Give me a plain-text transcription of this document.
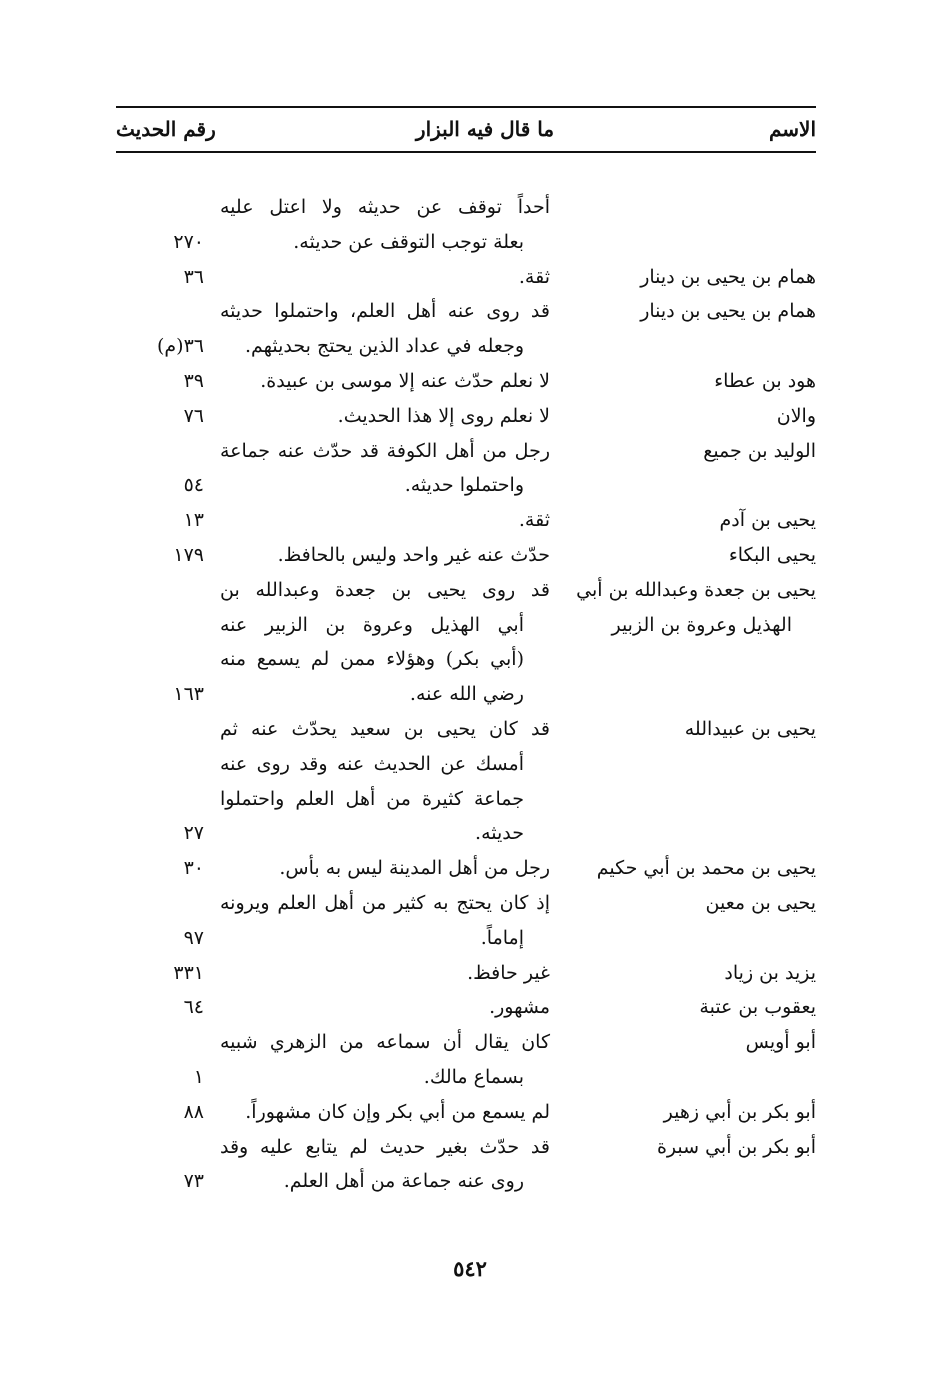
الاسم
ما قال فيه البزار
رقم الحديث
أحداً توقف عن حديثه ولا اعتل عليه
بعلة توجب التوقف عن حديثه.
٢٧٠
همام بن يحيى بن دينار
ثقة.
٣٦
همام بن يحيى بن دينار
قد روى عنه أهل العلم، واحتملوا حديثه
وجعله في عداد الذين يحتج بحديثهم.
٣٦(م)
هود بن عطاء
لا نعلم حدّث عنه إلا موسى بن عبيدة.
٣٩
والان
لا نعلم روى إلا هذا الحديث.
٧٦
الوليد بن جميع
رجل من أهل الكوفة قد حدّث عنه جماعة
واحتملوا حديثه.
٥٤
يحيى بن آدم
ثقة.
١٣
يحيى البكاء
حدّث عنه غير واحد وليس بالحافظ.
١٧٩
يحيى بن جعدة وعبدالله بن أبي
قد روى يحيى بن جعدة وعبدالله بن
الهذيل وعروة بن الزبير
أبي الهذيل وعروة بن الزبير عنه
(أبي بكر) وهؤلاء ممن لم يسمع منه
رضي الله عنه.
١٦٣
يحيى بن عبيدالله
قد كان يحيى بن سعيد يحدّث عنه ثم
أمسك عن الحديث عنه وقد روى عنه
جماعة كثيرة من أهل العلم واحتملوا
حديثه.
٢٧
يحيى بن محمد بن أبي حكيم
رجل من أهل المدينة ليس به بأس.
٣٠
يحيى بن معين
إذ كان يحتج به كثير من أهل العلم ويرونه
إماماً.
٩٧
يزيد بن زياد
غير حافظ.
٣٣١
يعقوب بن عتبة
مشهور.
٦٤
أبو أويس
كان يقال أن سماعه من الزهري شبيه
بسماع مالك.
١
أبو بكر بن أبي زهير
لم يسمع من أبي بكر وإن كان مشهوراً.
٨٨
أبو بكر بن أبي سبرة
قد حدّث بغير حديث لم يتابع عليه وقد
روى عنه جماعة من أهل العلم.
٧٣
٥٤٢
